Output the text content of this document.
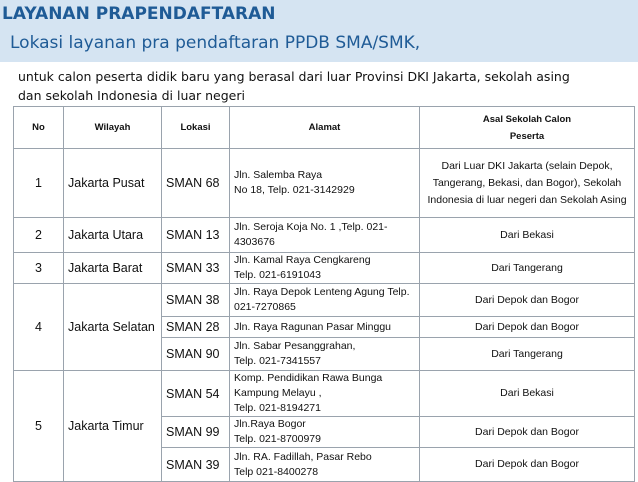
LAYANAN PRAPENDAFTARAN
Lokasi layanan pra pendaftaran PPDB SMA/SMK,
untuk calon peserta didik baru yang berasal dari luar Provinsi DKI Jakarta, sekolah asing
dan sekolah Indonesia di luar negeri
No	Wilayah	Lokasi	Alamat	Asal Sekolah Calon
Peserta

1	Jakarta Pusat	SMAN 68	Jln. Salemba Raya
No 18, Telp. 021-3142929	Dari Luar DKI Jakarta (selain Depok,
Tangerang, Bekasi, dan Bogor), Sekolah
Indonesia di luar negeri dan Sekolah Asing

2	Jakarta Utara	SMAN 13	Jln. Seroja Koja No. 1 ,Telp. 021-
4303676	Dari Bekasi

3	Jakarta Barat	SMAN 33	Jln. Kamal Raya Cengkareng
Telp. 021-6191043	Dari Tangerang

4	Jakarta Selatan	SMAN 38	Jln. Raya Depok Lenteng Agung Telp.
021-7270865	Dari Depok dan Bogor

		SMAN 28	Jln. Raya Ragunan Pasar Minggu	Dari Depok dan Bogor

		SMAN 90	Jln. Sabar Pesanggrahan,
Telp. 021-7341557	Dari Tangerang

5	Jakarta Timur	SMAN 54	Komp. Pendidikan Rawa Bunga
Kampung Melayu ,
Telp. 021-8194271	Dari Bekasi

		SMAN 99	Jln.Raya Bogor
Telp. 021-8700979	Dari Depok dan Bogor

		SMAN 39	Jln. RA. Fadillah, Pasar Rebo
Telp 021-8400278	Dari Depok dan Bogor
